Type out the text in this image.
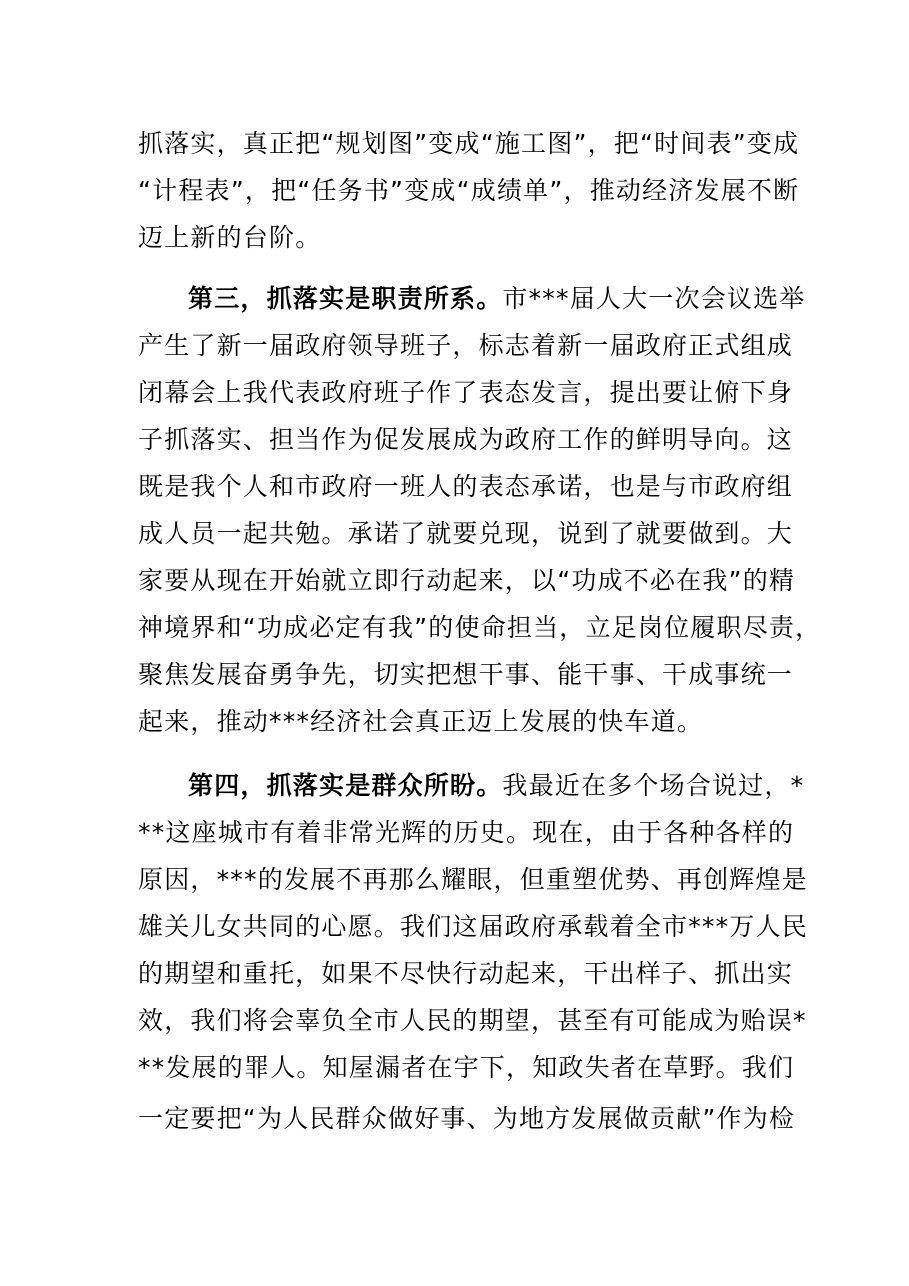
抓落实，真正把“规划图”变成“施工图”，把“时间表”变成
“计程表”，把“任务书”变成“成绩单”，推动经济发展不断
迈上新的台阶。
第三，抓落实是职责所系。市***届人大一次会议选举
产生了新一届政府领导班子，标志着新一届政府正式组成
闭幕会上我代表政府班子作了表态发言，提出要让俯下身
子抓落实、担当作为促发展成为政府工作的鲜明导向。这
既是我个人和市政府一班人的表态承诺，也是与市政府组
成人员一起共勉。承诺了就要兑现，说到了就要做到。大
家要从现在开始就立即行动起来，以“功成不必在我”的精
神境界和“功成必定有我”的使命担当，立足岗位履职尽责，
聚焦发展奋勇争先，切实把想干事、能干事、干成事统一
起来，推动***经济社会真正迈上发展的快车道。
第四，抓落实是群众所盼。我最近在多个场合说过，*
**这座城市有着非常光辉的历史。现在，由于各种各样的
原因，***的发展不再那么耀眼，但重塑优势、再创辉煌是
雄关儿女共同的心愿。我们这届政府承载着全市***万人民
的期望和重托，如果不尽快行动起来，干出样子、抓出实
效，我们将会辜负全市人民的期望，甚至有可能成为贻误*
**发展的罪人。知屋漏者在宇下，知政失者在草野。我们
一定要把“为人民群众做好事、为地方发展做贡献”作为检
